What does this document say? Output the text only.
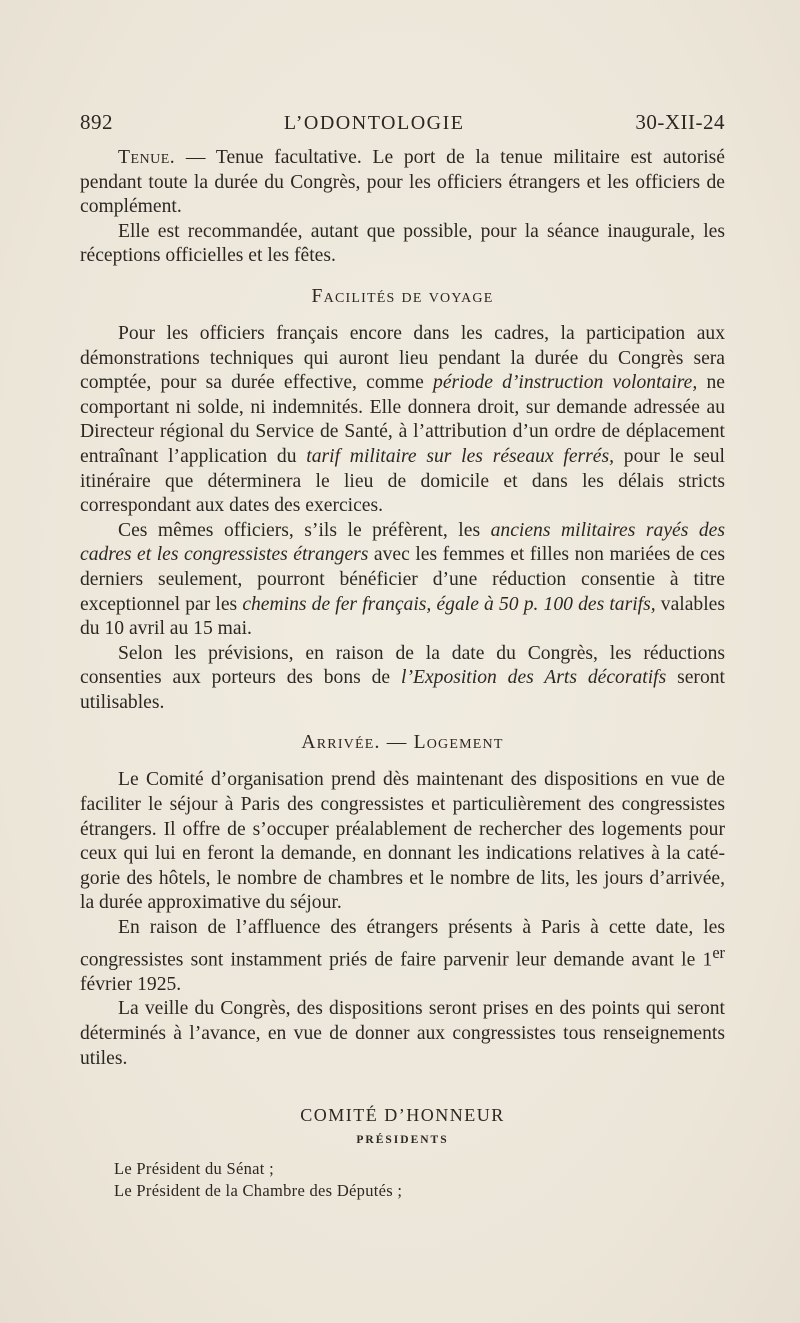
892	L’ODONTOLOGIE	30-XII-24

Tenue. — Tenue facultative. Le port de la tenue militaire est autorisé pendant toute la durée du Congrès, pour les officiers étrangers et les officiers de complément.

Elle est recommandée, autant que possible, pour la séance inaugurale, les réceptions officielles et les fêtes.

Facilités de voyage

Pour les officiers français encore dans les cadres, la participation aux démonstrations techniques qui auront lieu pendant la durée du Congrès sera comptée, pour sa durée effective, comme période d’instruction volontaire, ne comportant ni solde, ni indemnités. Elle donnera droit, sur demande adressée au Directeur régional du Service de Santé, à l’attribution d’un ordre de déplacement entraînant l’application du tarif militaire sur les réseaux ferrés, pour le seul itinéraire que déterminera le lieu de domicile et dans les délais stricts correspondant aux dates des exercices.

Ces mêmes officiers, s’ils le préfèrent, les anciens militaires rayés des cadres et les congressistes étrangers avec les femmes et filles non mariées de ces derniers seulement, pourront bénéficier d’une réduction consentie à titre exceptionnel par les chemins de fer français, égale à 50 p. 100 des tarifs, valables du 10 avril au 15 mai.

Selon les prévisions, en raison de la date du Congrès, les réductions consenties aux porteurs des bons de l’Exposition des Arts décoratifs seront utilisables.

Arrivée. — Logement

Le Comité d’organisation prend dès maintenant des dispositions en vue de faciliter le séjour à Paris des congressistes et particulièrement des congressistes étrangers. Il offre de s’occuper préalablement de rechercher des logements pour ceux qui lui en feront la demande, en donnant les indications relatives à la catégorie des hôtels, le nombre de chambres et le nombre de lits, les jours d’arrivée, la durée approximative du séjour.

En raison de l’affluence des étrangers présents à Paris à cette date, les congressistes sont instamment priés de faire parvenir leur demande avant le 1er février 1925.

La veille du Congrès, des dispositions seront prises en des points qui seront déterminés à l’avance, en vue de donner aux congressistes tous renseignements utiles.

COMITÉ D’HONNEUR
PRÉSIDENTS
Le Président du Sénat ;
Le Président de la Chambre des Députés ;
